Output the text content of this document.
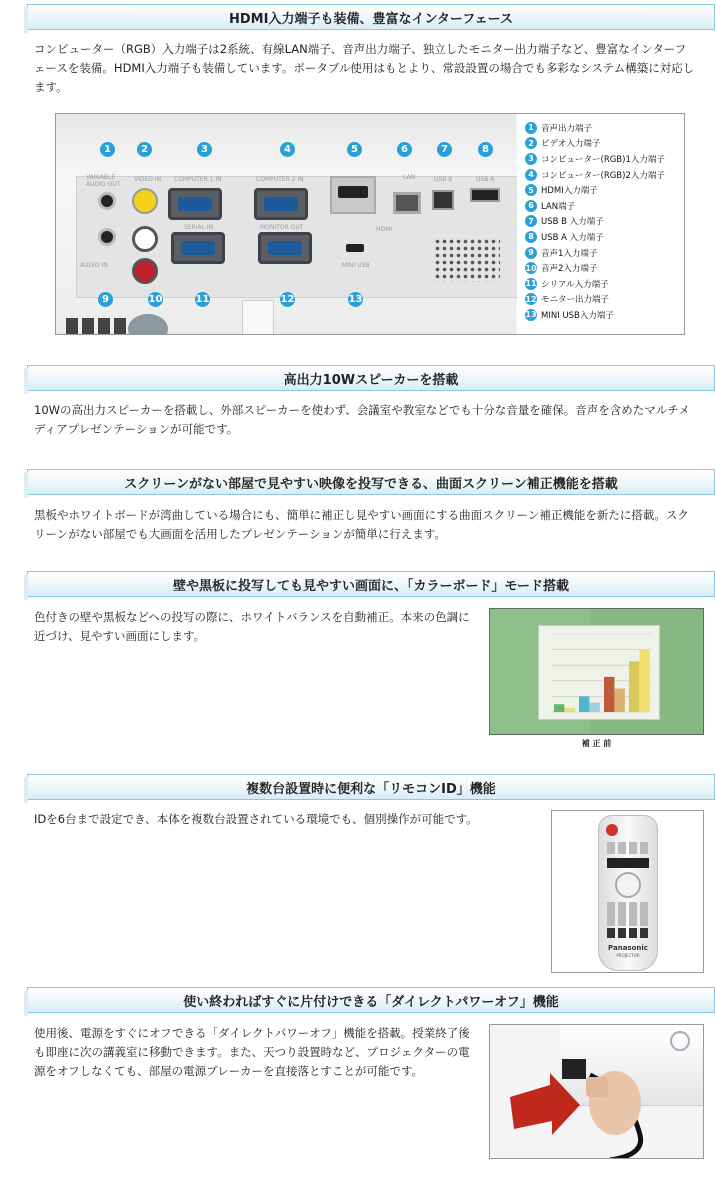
HDMI入力端子も装備、豊富なインターフェース

コンピューター（RGB）入力端子は2系統、有線LAN端子、音声出力端子、独立したモニター出力端子など、豊富なインターフェースを装備。HDMI入力端子も装備しています。ポータブル使用はもとより、常設設置の場合でも多彩なシステム構築に対応します。

1	2	3	4	5	6	7	8
VARIABLE AUDIO OUT
VIDEO IN COMPUTER 1 IN	COMPUTER 2 IN	LAN	USB B	USB A
SERIAL IN	MONITOR OUT	HDMI
MINI USB
AUDIO IN
9	10	11	12	13
1 音声出力端子
2 ビデオ入力端子
3 コンピューター(RGB)1入力端子
4 コンピューター(RGB)2入力端子
5 HDMI入力端子
6 LAN端子
7 USB B 入力端子
8 USB A 入力端子
9 音声1入力端子
10 音声2入力端子
11 シリアル入力端子
12 モニター出力端子
13 MINI USB入力端子
高出力10Wスピーカーを搭載

10Wの高出力スピーカーを搭載し、外部スピーカーを使わず、会議室や教室などでも十分な音量を確保。音声を含めたマルチメディアプレゼンテーションが可能です。

スクリーンがない部屋で見やすい映像を投写できる、曲面スクリーン補正機能を搭載

黒板やホワイトボードが湾曲している場合にも、簡単に補正し見やすい画面にする曲面スクリーン補正機能を新たに搭載。スクリーンがない部屋でも大画面を活用したプレゼンテーションが簡単に行えます。

壁や黒板に投写しても見やすい画面に、「カラーボード」モード搭載

色付きの壁や黒板などへの投写の際に、ホワイトバランスを自動補正。本来の色調に近づけ、見やすい画面にします。

補 正 前
複数台設置時に便利な「リモコンID」機能

IDを6台まで設定でき、本体を複数台設置されている環境でも、個別操作が可能です。

Panasonic
PROJECTOR
使い終わればすぐに片付けできる「ダイレクトパワーオフ」機能

使用後、電源をすぐにオフできる「ダイレクトパワーオフ」機能を搭載。授業終了後も即座に次の講義室に移動できます。また、天つり設置時など、プロジェクターの電源をオフしなくても、部屋の電源ブレーカーを直接落とすことが可能です。
